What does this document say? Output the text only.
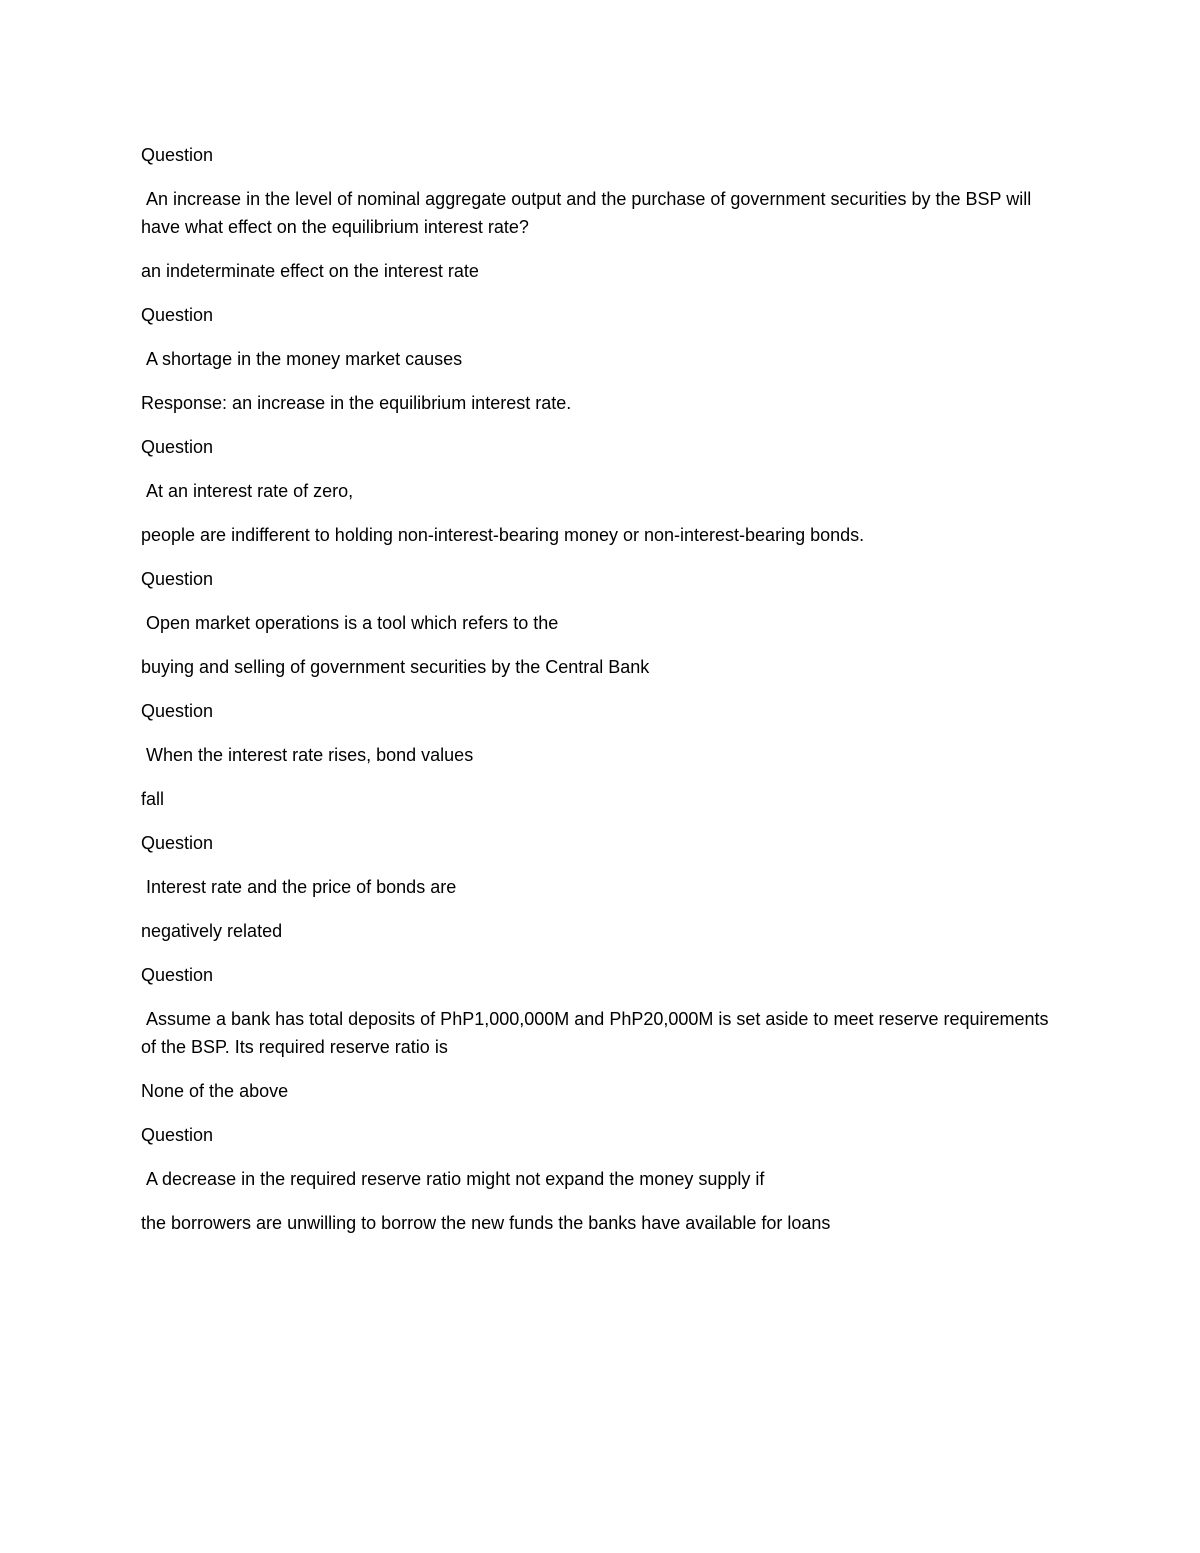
Question

An increase in the level of nominal aggregate output and the purchase of government securities by the BSP will have what effect on the equilibrium interest rate?

an indeterminate effect on the interest rate

Question

A shortage in the money market causes

Response: an increase in the equilibrium interest rate.

Question

At an interest rate of zero,

people are indifferent to holding non-interest-bearing money or non-interest-bearing bonds.

Question

Open market operations is a tool which refers to the

buying and selling of government securities by the Central Bank

Question

When the interest rate rises, bond values

fall

Question

Interest rate and the price of bonds are

negatively related

Question

Assume a bank has total deposits of PhP1,000,000M and PhP20,000M is set aside to meet reserve requirements of the BSP. Its required reserve ratio is

None of the above

Question

A decrease in the required reserve ratio might not expand the money supply if

the borrowers are unwilling to borrow the new funds the banks have available for loans
